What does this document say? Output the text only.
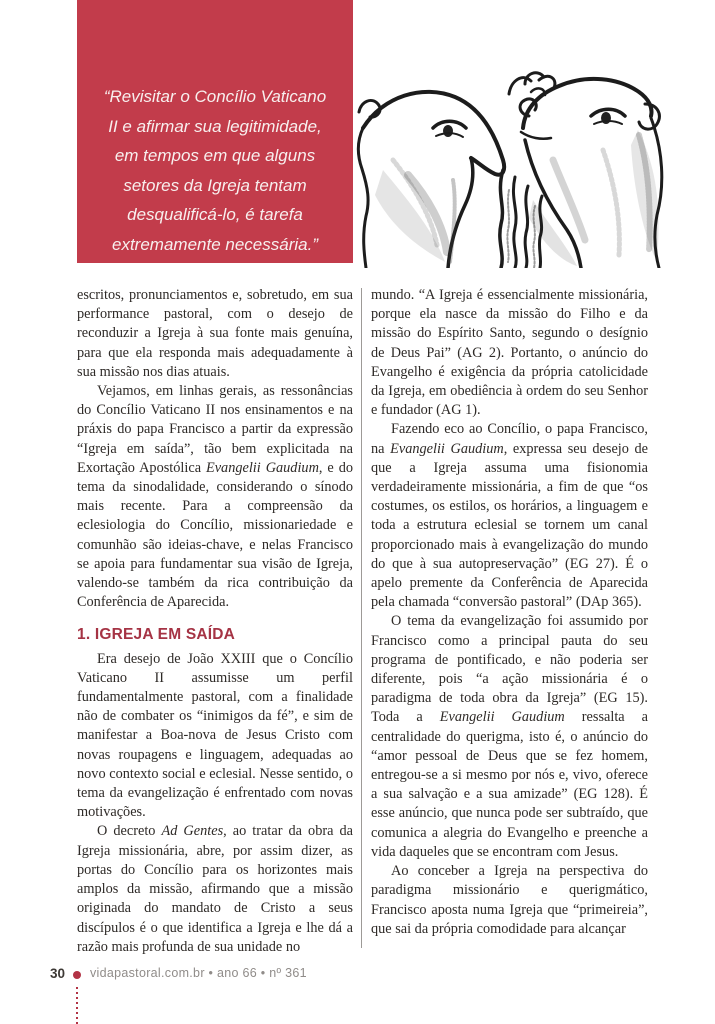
“Revisitar o Concílio Vaticano
II e afirmar sua legitimidade,
em tempos em que alguns
setores da Igreja tentam
desqualificá-lo, é tarefa
extremamente necessária.”

escritos, pronunciamentos e, sobretudo, em sua performance pastoral, com o desejo de reconduzir a Igreja à sua fonte mais genuína, para que ela responda mais adequadamente à sua missão nos dias atuais.

Vejamos, em linhas gerais, as ressonâncias do Concílio Vaticano II nos ensinamentos e na práxis do papa Francisco a partir da expressão “Igreja em saída”, tão bem explicitada na Exortação Apostólica Evangelii Gaudium, e do tema da sinodalidade, considerando o sínodo mais recente. Para a compreensão da eclesiologia do Concílio, missionariedade e comunhão são ideias-chave, e nelas Francisco se apoia para fundamentar sua visão de Igreja, valendo-se também da rica contribuição da Conferência de Aparecida.

1. IGREJA EM SAÍDA

Era desejo de João XXIII que o Concílio Vaticano II assumisse um perfil fundamentalmente pastoral, com a finalidade não de combater os “inimigos da fé”, e sim de manifestar a Boa-nova de Jesus Cristo com novas roupagens e linguagem, adequadas ao novo contexto social e eclesial. Nesse sentido, o tema da evangelização é enfrentado com novas motivações.

O decreto Ad Gentes, ao tratar da obra da Igreja missionária, abre, por assim dizer, as portas do Concílio para os horizontes mais amplos da missão, afirmando que a missão originada do mandato de Cristo a seus discípulos é o que identifica a Igreja e lhe dá a razão mais profunda de sua unidade no

mundo. “A Igreja é essencialmente missionária, porque ela nasce da missão do Filho e da missão do Espírito Santo, segundo o desígnio de Deus Pai” (AG 2). Portanto, o anúncio do Evangelho é exigência da própria catolicidade da Igreja, em obediência à ordem do seu Senhor e fundador (AG 1).

Fazendo eco ao Concílio, o papa Francisco, na Evangelii Gaudium, expressa seu desejo de que a Igreja assuma uma fisionomia verdadeiramente missionária, a fim de que “os costumes, os estilos, os horários, a linguagem e toda a estrutura eclesial se tornem um canal proporcionado mais à evangelização do mundo do que à sua autopreservação” (EG 27). É o apelo premente da Conferência de Aparecida pela chamada “conversão pastoral” (DAp 365).

O tema da evangelização foi assumido por Francisco como a principal pauta do seu programa de pontificado, e não poderia ser diferente, pois “a ação missionária é o paradigma de toda obra da Igreja” (EG 15). Toda a Evangelii Gaudium ressalta a centralidade do querigma, isto é, o anúncio do “amor pessoal de Deus que se fez homem, entregou-se a si mesmo por nós e, vivo, oferece a sua salvação e a sua amizade” (EG 128). É esse anúncio, que nunca pode ser subtraído, que comunica a alegria do Evangelho e preenche a vida daqueles que se encontram com Jesus.

Ao conceber a Igreja na perspectiva do paradigma missionário e querigmático, Francisco aposta numa Igreja que “primeireia”, que sai da própria comodidade para alcançar

30 vidapastoral.com.br • ano 66 • nº 361
